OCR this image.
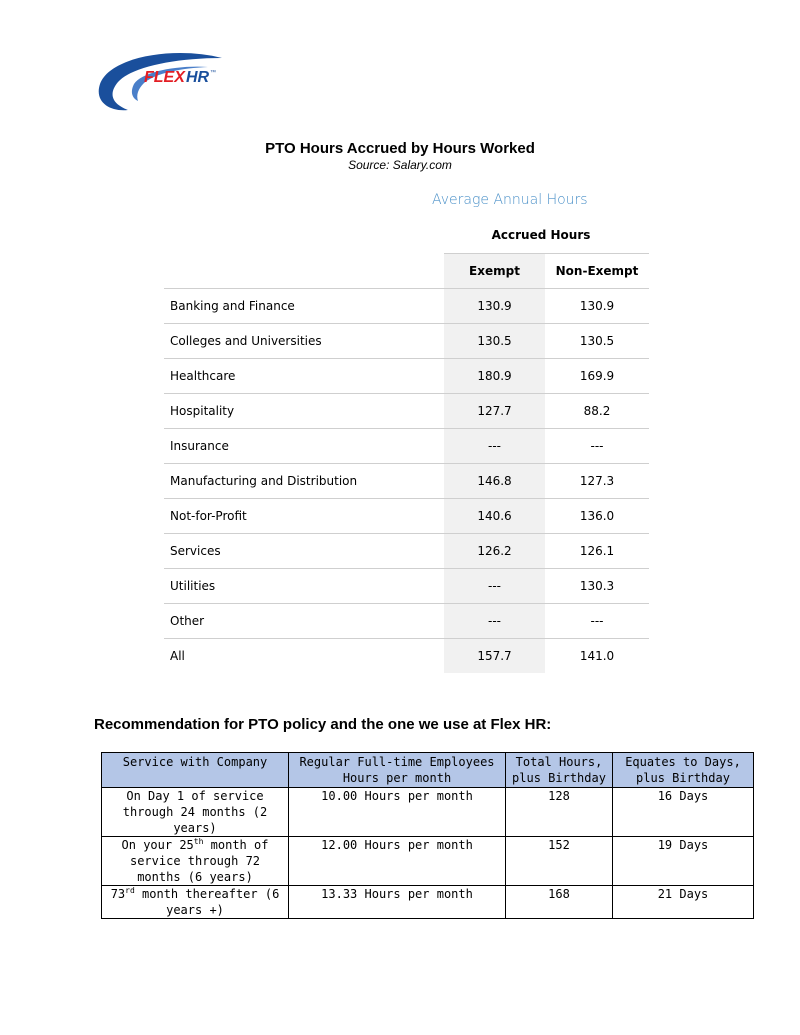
FLEX HR ™
PTO Hours Accrued by Hours Worked
Source: Salary.com
Average Annual Hours
Accrued Hours
	Exempt	Non-Exempt
Banking and Finance	130.9	130.9
Colleges and Universities	130.5	130.5
Healthcare	180.9	169.9
Hospitality	127.7	88.2
Insurance	---	---
Manufacturing and Distribution	146.8	127.3
Not-for-Profit	140.6	136.0
Services	126.2	126.1
Utilities	---	130.3
Other	---	---
All	157.7	141.0
Recommendation for PTO policy and the one we use at Flex HR:
Service with Company	Regular Full-time Employees Hours per month	Total Hours, plus Birthday	Equates to Days, plus Birthday
On Day 1 of service through 24 months (2 years)	10.00 Hours per month	128	16 Days
On your 25th month of service through 72 months (6 years)	12.00 Hours per month	152	19 Days
73rd month thereafter (6 years +)	13.33 Hours per month	168	21 Days
